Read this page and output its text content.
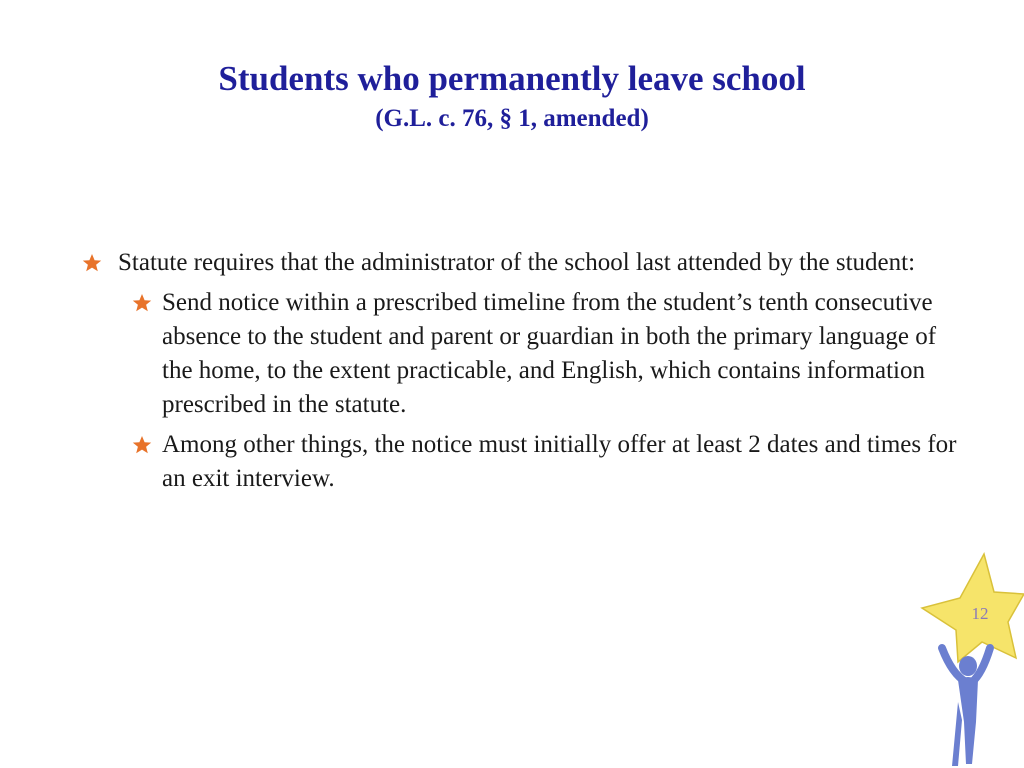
Students who permanently leave school
(G.L. c. 76, § 1, amended)
Statute requires that the administrator of the school last attended by the student:
Send notice within a prescribed timeline from the student’s tenth consecutive absence to the student and parent or guardian in both the primary language of the home, to the extent practicable, and English, which contains information prescribed in the statute.
Among other things, the notice must initially offer at least 2 dates and times for an exit interview.
12
